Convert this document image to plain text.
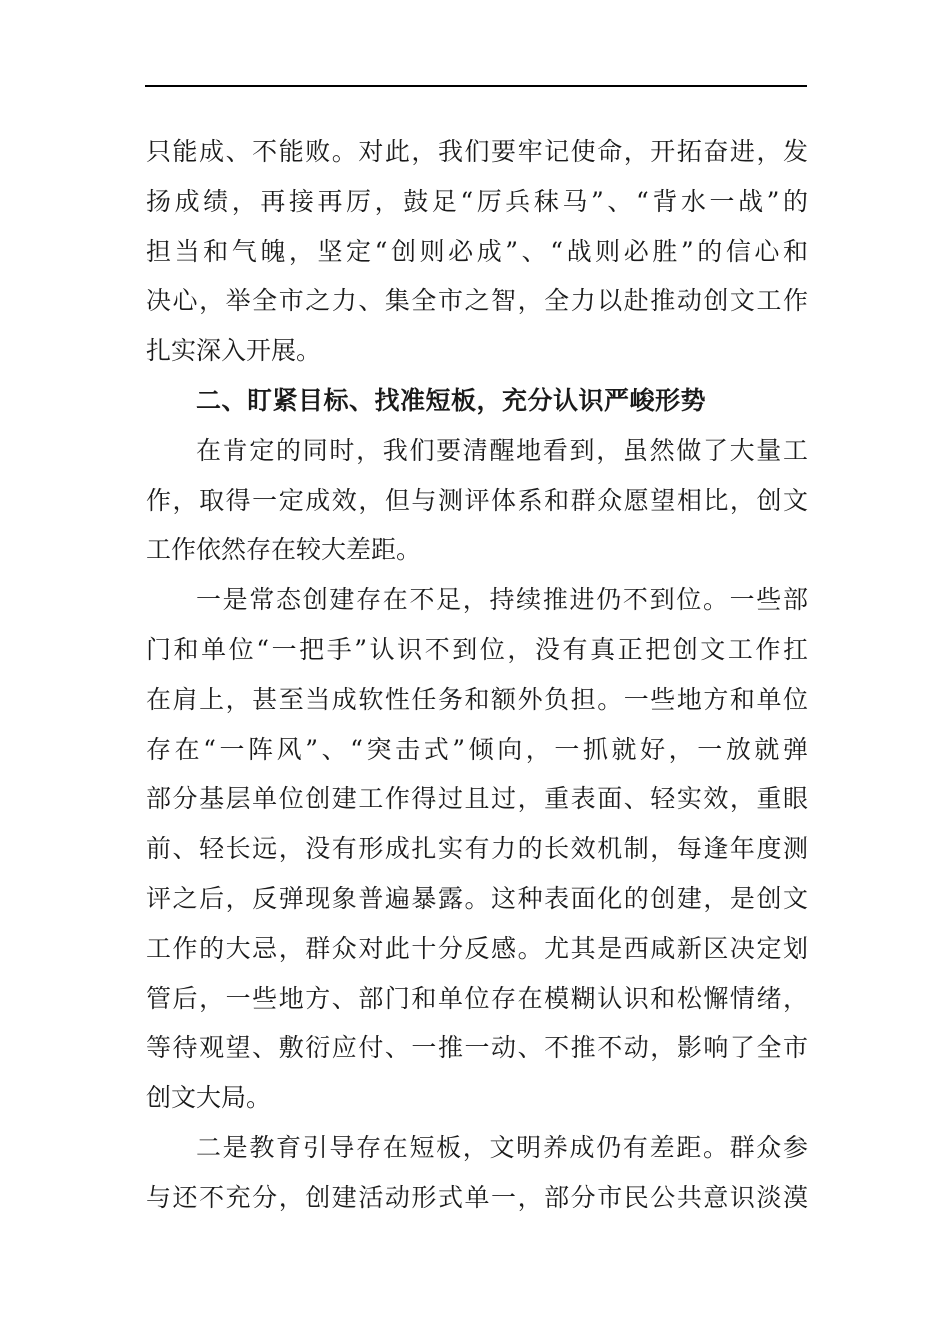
只能成、不能败。对此，我们要牢记使命，开拓奋进，发
扬成绩，再接再厉，鼓足“厉兵秣马”、“背水一战”的
担当和气魄，坚定“创则必成”、“战则必胜”的信心和
决心，举全市之力、集全市之智，全力以赴推动创文工作
扎实深入开展。
二、盯紧目标、找准短板，充分认识严峻形势
在肯定的同时，我们要清醒地看到，虽然做了大量工
作，取得一定成效，但与测评体系和群众愿望相比，创文
工作依然存在较大差距。
一是常态创建存在不足，持续推进仍不到位。一些部
门和单位“一把手”认识不到位，没有真正把创文工作扛
在肩上，甚至当成软性任务和额外负担。一些地方和单位
存在“一阵风”、“突击式”倾向，一抓就好，一放就弹
部分基层单位创建工作得过且过，重表面、轻实效，重眼
前、轻长远，没有形成扎实有力的长效机制，每逢年度测
评之后，反弹现象普遍暴露。这种表面化的创建，是创文
工作的大忌，群众对此十分反感。尤其是西咸新区决定划
管后，一些地方、部门和单位存在模糊认识和松懈情绪，
等待观望、敷衍应付、一推一动、不推不动，影响了全市
创文大局。
二是教育引导存在短板，文明养成仍有差距。群众参
与还不充分，创建活动形式单一，部分市民公共意识淡漠
